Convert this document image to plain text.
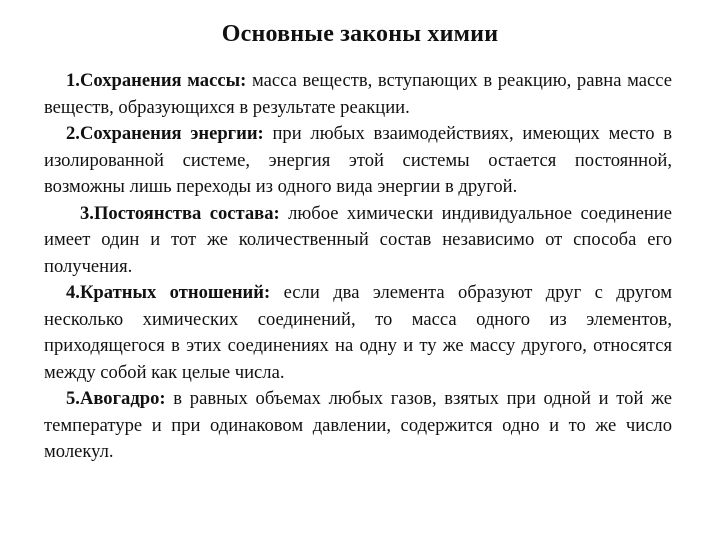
Основные законы химии

1.Сохранения массы: масса веществ, вступающих в реакцию, равна массе веществ, образующихся в результате реакции.

2.Сохранения энергии: при любых взаимодействиях, имеющих место в изолированной системе, энергия этой системы остается постоянной, возможны лишь переходы из одного вида энергии в другой.

3.Постоянства состава: любое химически индивидуальное соединение имеет один и тот же количественный состав независимо от способа его получения.

4.Кратных отношений: если два элемента образуют друг с другом несколько химических соединений, то масса одного из элементов, приходящегося в этих соединениях на одну и ту же массу другого, относятся между собой как целые числа.

5.Авогадро: в равных объемах любых газов, взятых при одной и той же температуре и при одинаковом давлении, содержится одно и то же число молекул.
